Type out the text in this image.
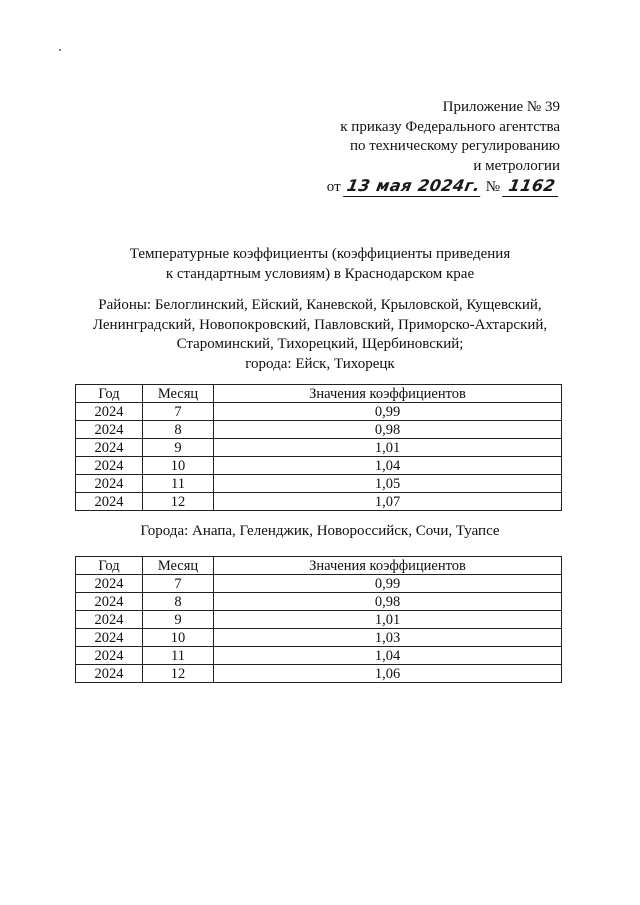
Приложение № 39
к приказу Федерального агентства
по техническому регулированию
и метрологии
от 13 мая 2024г. № 1162
Температурные коэффициенты (коэффициенты приведения
к стандартным условиям) в Краснодарском крае
Районы: Белоглинский, Ейский, Каневской, Крыловской, Кущевский,
Ленинградский, Новопокровский, Павловский, Приморско-Ахтарский,
Староминский, Тихорецкий, Щербиновский;
города: Ейск, Тихорецк
Год	Месяц	Значения коэффициентов
2024	7	0,99
2024	8	0,98
2024	9	1,01
2024	10	1,04
2024	11	1,05
2024	12	1,07
Города: Анапа, Геленджик, Новороссийск, Сочи, Туапсе
Год	Месяц	Значения коэффициентов
2024	7	0,99
2024	8	0,98
2024	9	1,01
2024	10	1,03
2024	11	1,04
2024	12	1,06
